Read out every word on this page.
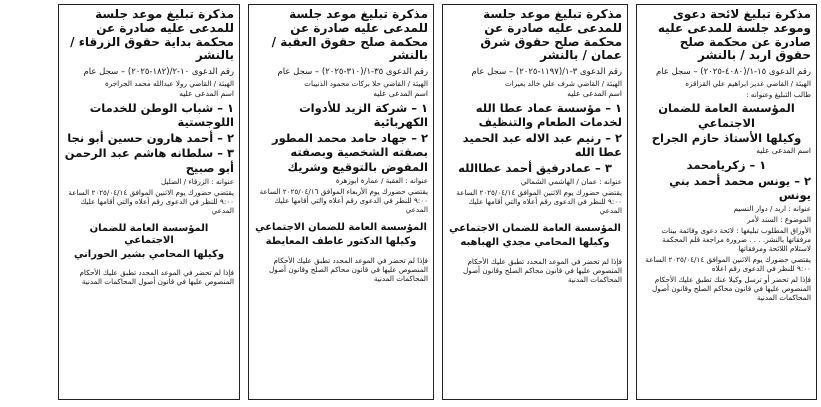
مذكرة تبليغ لائحة دعوى وموعد جلسة للمدعى عليه صادرة عن محكمة صلح حقوق اربد / بالنشر

رقم الدعوى ١٥-١/(٤٠٨٠-٢٠٢٥) – سجل عام

الهيئة / القاضي غدير ابراهيم علي القزاقزه

طالب التبليغ وعنوانه :

المؤسسة العامة للضمان الاجتماعي

وكيلها الأستاذ حازم الجراح

اسم المدعى عليه

١ – زكريامحمد

٢ – يونس محمد أحمد بني يونس

عنوانه : اربد / دوار النسيم

الموضوع : السند لأمر

الأوراق المطلوب تبليغها : لائحة دعوى وقائمة بينات مرفقاتها بالنشر. . . . ضرورة مراجعة قلم المحكمة لاستلام اللائحة ومرفقاتها

يقتضي حضورك يوم الاثنين الموافق ٢٠٢٥/٠٤/١٤ الساعة ٩:٠٠ للنظر في الدعوى رقم اعلاه

فإذا لم تحضر أو ترسل وكيلا عنك تطبق عليك الأحكام المنصوص عليها في قانون محاكم الصلح وقانون أصول المحاكمات المدنية

مذكرة تبليغ موعد جلسة للمدعى عليه صادرة عن محكمة صلح حقوق شرق عمان / بالنشر

رقم الدعوى ٣-١/(١١٩٧-٢٠٢٥) – سجل عام

الهيئة / القاضي شرف علي خالد بعيرات

اسم المدعى عليه

١ – مؤسسة عماد عطا الله لخدمات الطعام والتنظيف

٢ – رنيم عبد الاله عبد الحميد عطا الله

٣ – عمادرفيق أحمد عطاالله

عنوانه : عمان / الهاشمي الشمالي

يقتضي حضورك يوم الاثنين الموافق ٢٠٢٥/٠٤/١٤ الساعة ٩:٠٠ للنظر في الدعوى رقم أعلاه والتي أقامها عليك المدعي

المؤسسة العامة للضمان الاجتماعي

وكيلها المحامي مجدي الهباهبه

فإذا لم تحضر في الموعد المحدد تطبق عليك الأحكام المنصوص عليها في قانون محاكم الصلح وقانون أصول المحاكمات المدنية

مذكرة تبليغ موعد جلسة للمدعى عليه صادرة عن محكمة صلح حقوق العقبة / بالنشر

رقم الدعوى ٣٥-١/(٣١٠-٢٠٢٥) – سجل عام

الهيئة / القاضي حلا بركات محمود الذنيبات

اسم المدعى عليه

١ – شركة الزيد للأدوات الكهربائية

٢ – جهاد حامد محمد المطور بصفته الشخصية وبصفته المفوض بالتوقيع وشريك

عنوانه : العقبة / عمارة ابوزهرة

يقتضي حضورك يوم الأربعاء الموافق ٢٠٢٥/٠٤/١٦ الساعة ٩:٠٠ للنظر في الدعوى رقم أعلاه والتي أقامها عليك المدعي

المؤسسة العامة للضمان الاجتماعي

وكيلها الدكتور عاطف المعايطة

فإذا لم تحضر في الموعد المحدد تطبق عليك الأحكام المنصوص عليها في قانون محاكم الصلح وقانون أصول المحاكمات المدنية

مذكرة تبليغ موعد جلسة للمدعى عليه صادرة عن محكمة بداية حقوق الزرقاء / بالنشر

رقم الدعوى ١٠-٢/(١٨٢-٢٠٢٥) – سجل عام

الهيئة / القاضي رولا عبدالله محمد الجراجرة

اسم المدعى عليه

١ – شباب الوطن للخدمات اللوجستية

٢ – أحمد هارون حسين أبو نجا

٣ – سلطانه هاشم عبد الرحمن أبو صبيح

عنوانه : الزرقاء / الضليل

يقتضي حضورك يوم الاثنين الموافق ٢٠٢٥/٠٤/١٤ الساعة ٩:٠٠ للنظر في الدعوى رقم أعلاه والتي أقامها عليك المدعي

المؤسسة العامة للضمان الاجتماعي

وكيلها المحامي بشير الحوراني

فإذا لم تحضر في الموعد المحدد تطبق عليك الأحكام المنصوص عليها في قانون أصول المحاكمات المدنية
